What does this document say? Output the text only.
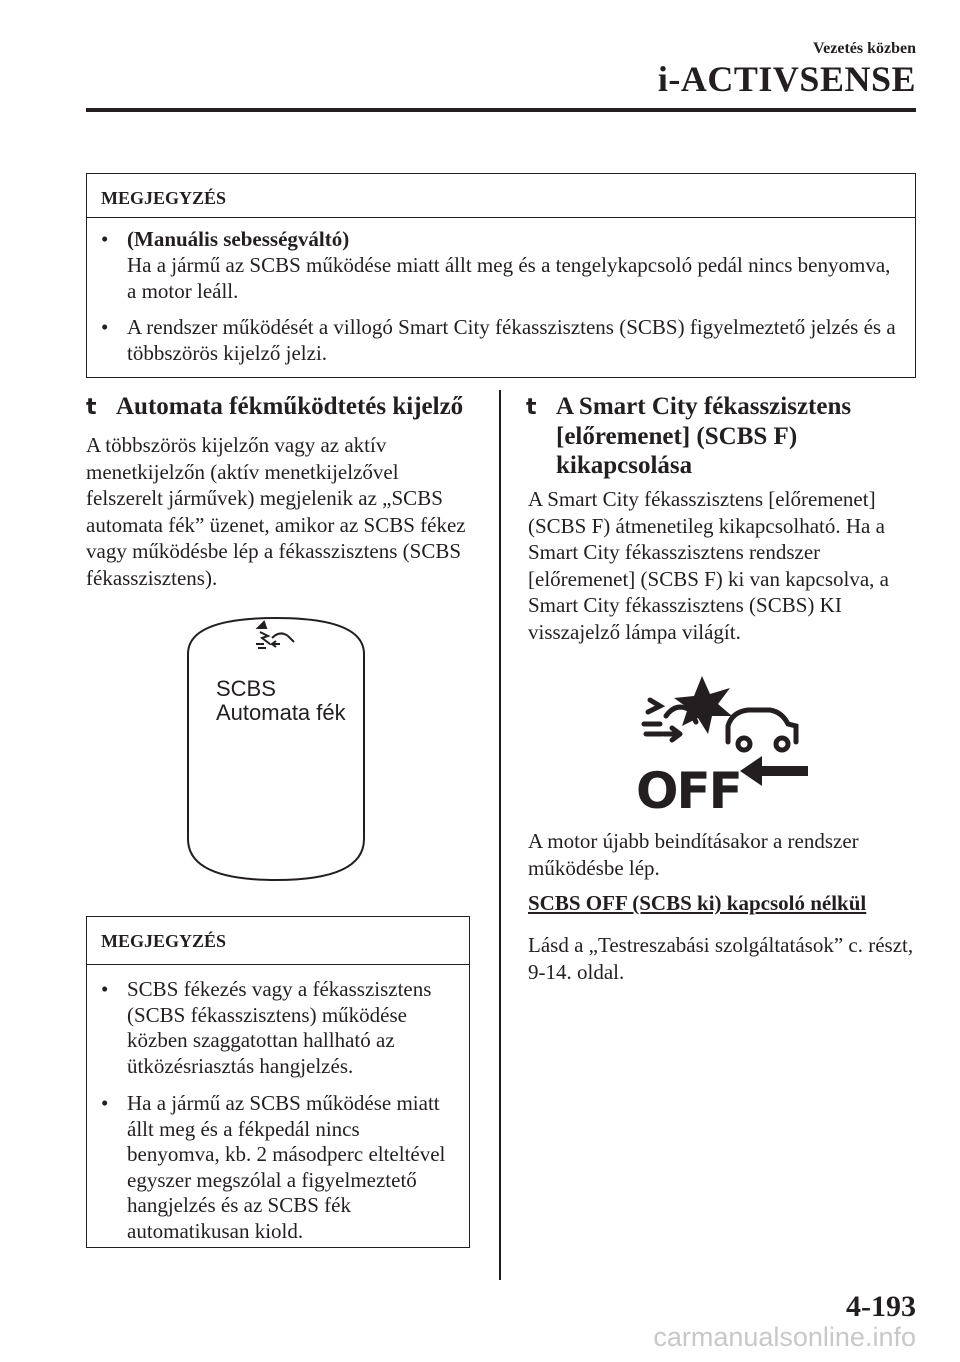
Vezetés közben
i-ACTIVSENSE
MEGJEGYZÉS
• (Manuális sebességváltó)
Ha a jármű az SCBS működése miatt állt meg és a tengelykapcsoló pedál nincs benyomva, a motor leáll.
• A rendszer működését a villogó Smart City fékasszisztens (SCBS) figyelmeztető jelzés és a többszörös kijelző jelzi.
t Automata fékműködtetés kijelző

A többszörös kijelzőn vagy az aktív menetkijelzőn (aktív menetkijelzővel felszerelt járművek) megjelenik az „SCBS automata fék” üzenet, amikor az SCBS fékez vagy működésbe lép a fékasszisztens (SCBS fékasszisztens).

SCBS
Automata fék
MEGJEGYZÉS
• SCBS fékezés vagy a fékasszisztens (SCBS fékasszisztens) működése közben szaggatottan hallható az ütközésriasztás hangjelzés.
• Ha a jármű az SCBS működése miatt állt meg és a fékpedál nincs benyomva, kb. 2 másodperc elteltével egyszer megszólal a figyelmeztető hangjelzés és az SCBS fék automatikusan kiold.
t A Smart City fékasszisztens
[előremenet] (SCBS F)
kikapcsolása

A Smart City fékasszisztens [előremenet] (SCBS F) átmenetileg kikapcsolható. Ha a Smart City fékasszisztens rendszer [előremenet] (SCBS F) ki van kapcsolva, a Smart City fékasszisztens (SCBS) KI visszajelző lámpa világít.

OFF

A motor újabb beindításakor a rendszer működésbe lép.

SCBS OFF (SCBS ki) kapcsoló nélkül

Lásd a „Testreszabási szolgáltatások” c. részt, 9-14. oldal.

4-193
carmanualsonline.info
